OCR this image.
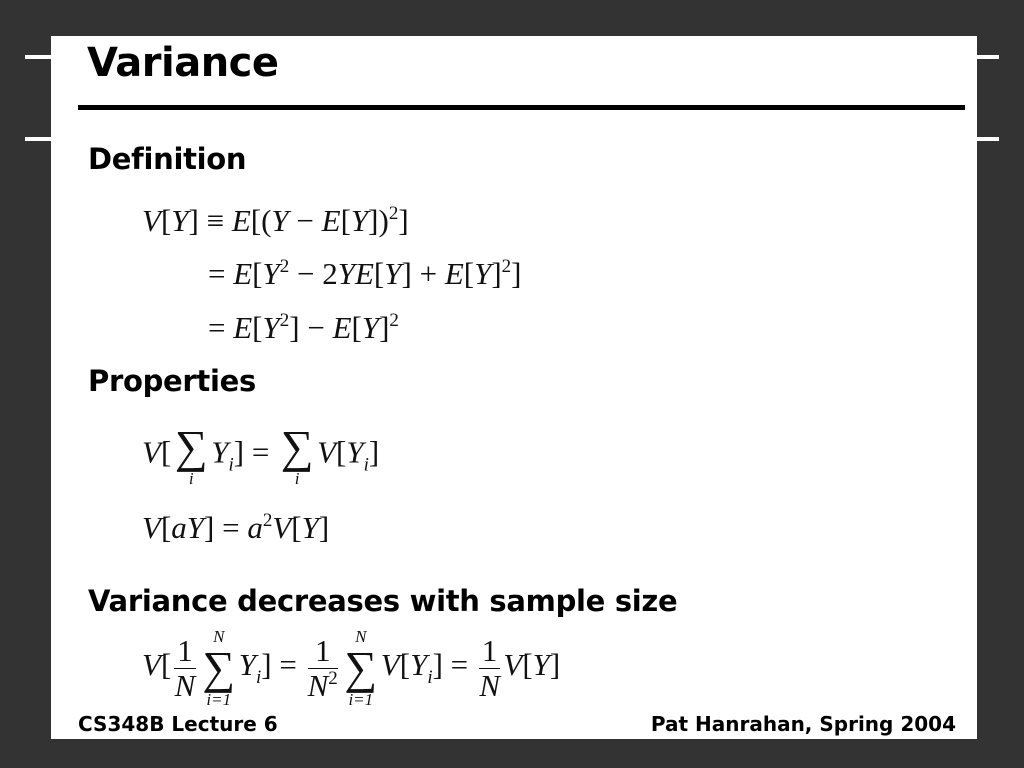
Variance
Definition
$V[Y] \equiv E[(Y - E[Y])^2]$
= $E[Y^2 - 2YE[Y] + E[Y]^2]$
= $E[Y^2] - E[Y]^2$
Properties
V[ ∑
i
$Y_i$] = ∑
i
$V[Y_i]$
$V[aY] = a^2V[Y]$
Variance decreases with sample size
$V[ \frac{1}{N}$	N
∑
i=1
$Y_i] = \frac{1}{N^2}$	N
∑
i=1
$V[Y_i] = \frac{1}{N} V[Y]$
CS348B Lecture 6	Pat Hanrahan, Spring 2004
